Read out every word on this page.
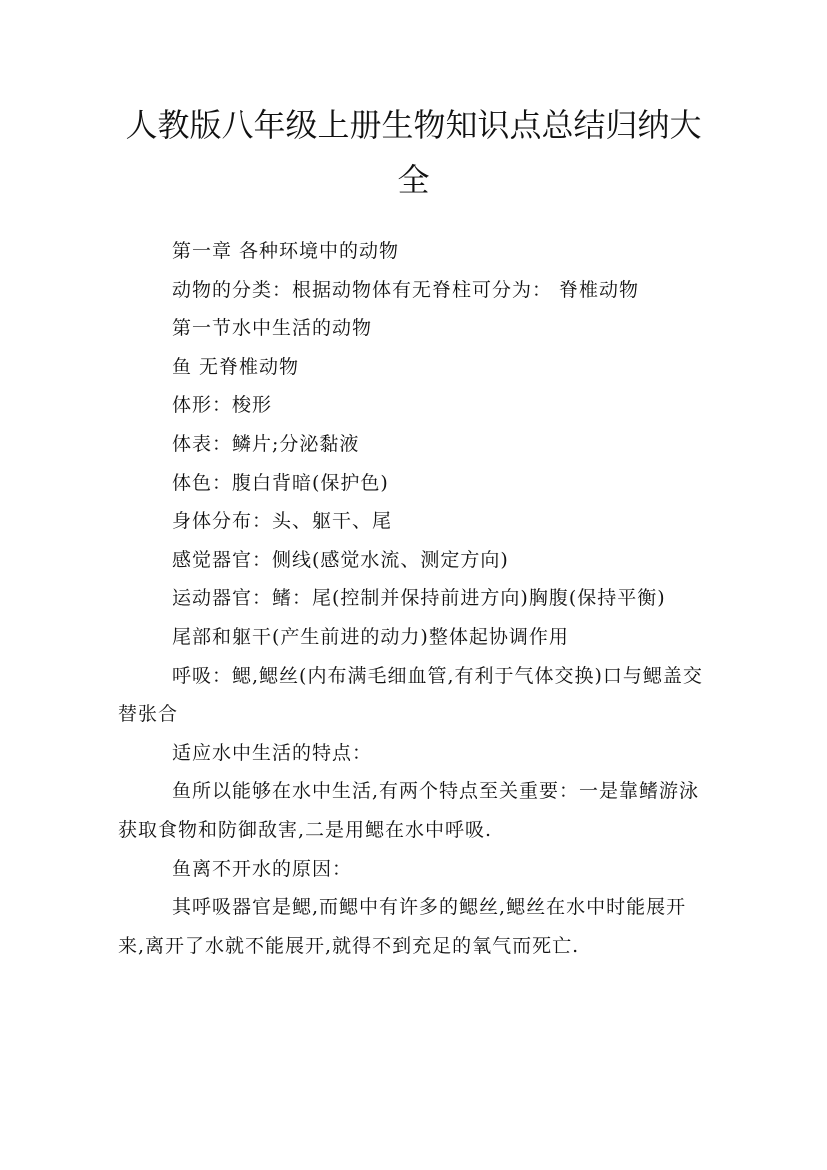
人教版八年级上册生物知识点总结归纳大全

第一章 各种环境中的动物

动物的分类：根据动物体有无脊柱可分为： 脊椎动物

第一节水中生活的动物

鱼 无脊椎动物

体形：梭形

体表：鳞片;分泌黏液

体色：腹白背暗(保护色)

身体分布：头、躯干、尾

感觉器官：侧线(感觉水流、测定方向)

运动器官：鳍：尾(控制并保持前进方向)胸腹(保持平衡)

尾部和躯干(产生前进的动力)整体起协调作用

呼吸：鳃,鳃丝(内布满毛细血管,有利于气体交换)口与鳃盖交替张合

适应水中生活的特点：

鱼所以能够在水中生活,有两个特点至关重要：一是靠鳍游泳获取食物和防御敌害,二是用鳃在水中呼吸.

鱼离不开水的原因：

其呼吸器官是鳃,而鳃中有许多的鳃丝,鳃丝在水中时能展开来,离开了水就不能展开,就得不到充足的氧气而死亡.
